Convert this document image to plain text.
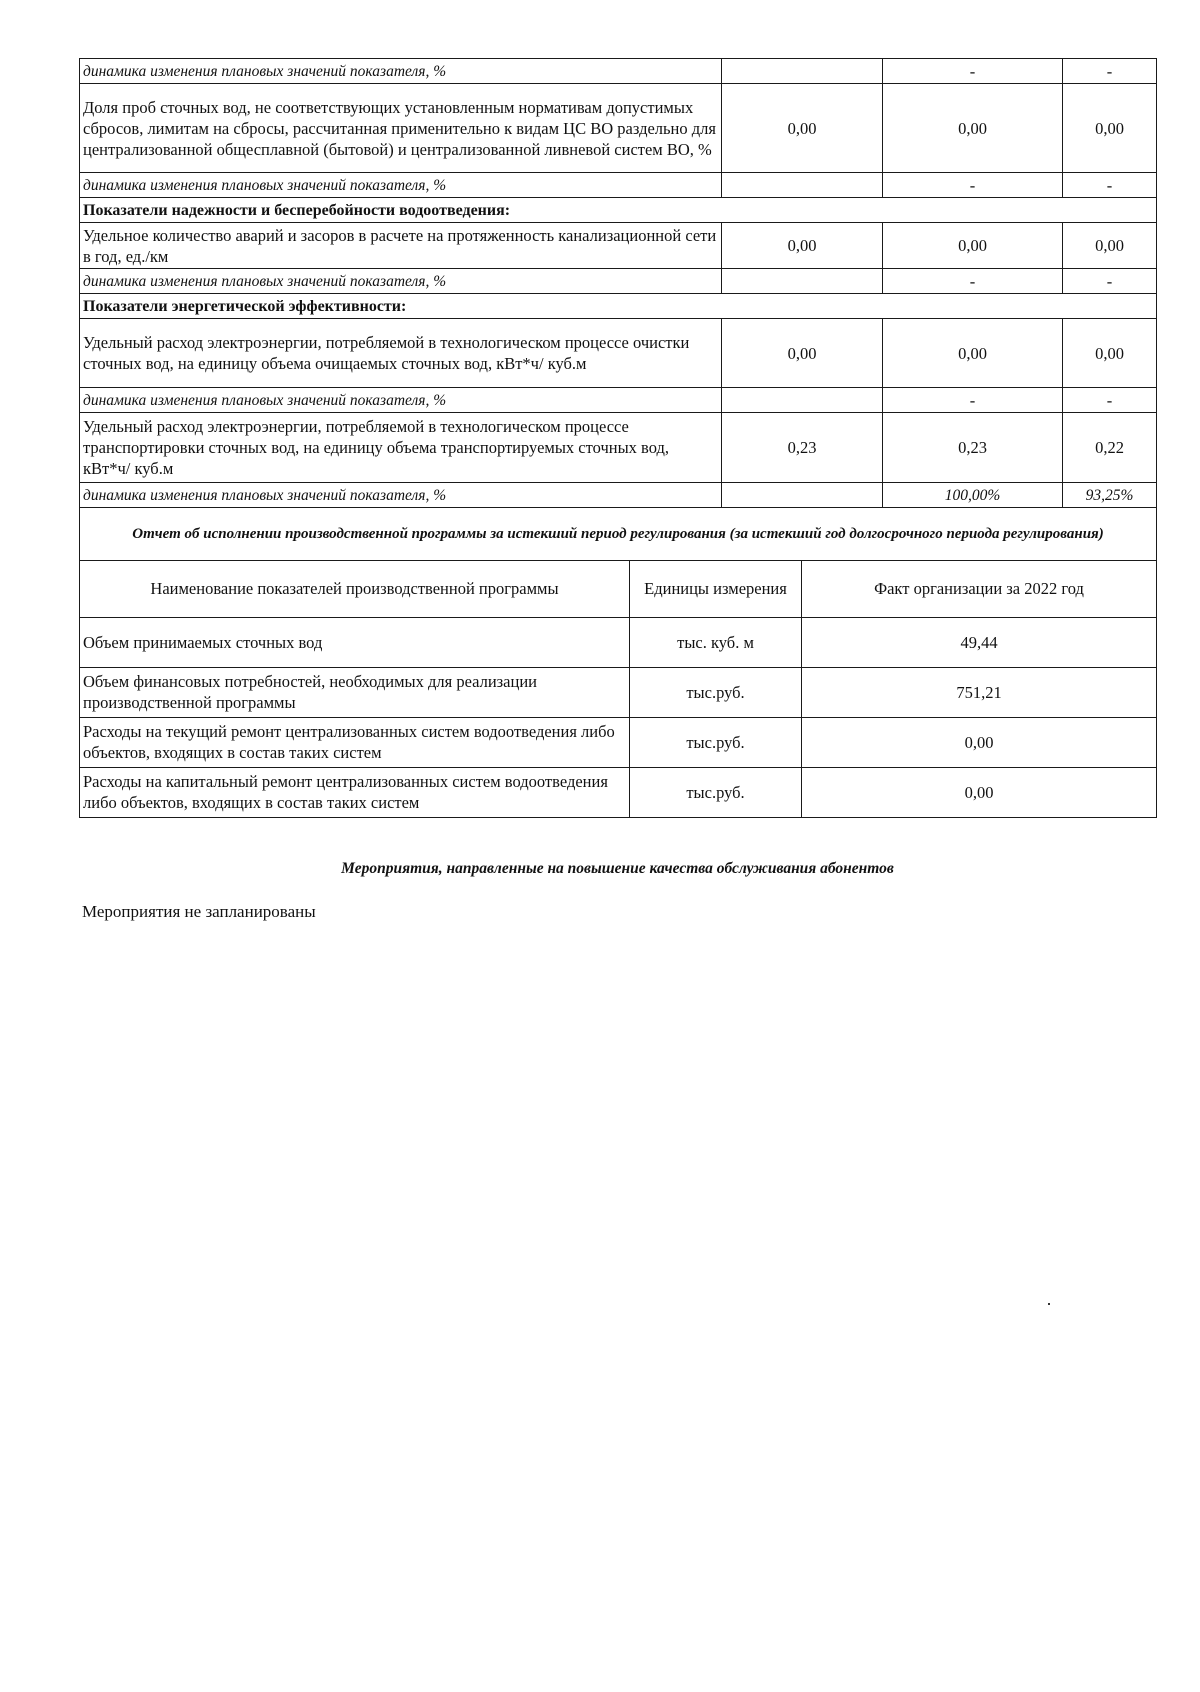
динамика изменения плановых значений показателя, %		-	-
Доля проб сточных вод, не соответствующих установленным нормативам допустимых сбросов, лимитам на сбросы, рассчитанная применительно к видам ЦС ВО раздельно для централизованной общесплавной (бытовой) и централизованной ливневой систем ВО, %	0,00	0,00	0,00
динамика изменения плановых значений показателя, %		-	-
Показатели надежности и бесперебойности водоотведения:			
Удельное количество аварий и засоров в расчете на протяженность канализационной сети в год, ед./км	0,00	0,00	0,00
динамика изменения плановых значений показателя, %		-	-
Показатели энергетической эффективности:			
Удельный расход электроэнергии, потребляемой в технологическом процессе очистки сточных вод, на единицу объема очищаемых сточных вод, кВт*ч/ куб.м	0,00	0,00	0,00
динамика изменения плановых значений показателя, %		-	-
Удельный расход электроэнергии, потребляемой в технологическом процессе транспортировки сточных вод, на единицу объема транспортируемых сточных вод, кВт*ч/ куб.м	0,23	0,23	0,22
динамика изменения плановых значений показателя, %		100,00%	93,25%
Отчет об исполнении производственной программы за истекший период регулирования (за истекший год долгосрочного периода регулирования)			
Наименование показателей производственной программы	Единицы измерения	Факт организации за 2022 год
Объем принимаемых сточных вод	тыс. куб. м	49,44
Объем финансовых потребностей, необходимых для реализации производственной программы	тыс.руб.	751,21
Расходы на текущий ремонт централизованных систем водоотведения либо объектов, входящих в состав таких систем	тыс.руб.	0,00
Расходы на капитальный ремонт централизованных систем водоотведения либо объектов, входящих в состав таких систем	тыс.руб.	0,00
Мероприятия, направленные на повышение качества обслуживания абонентов
Мероприятия не запланированы
